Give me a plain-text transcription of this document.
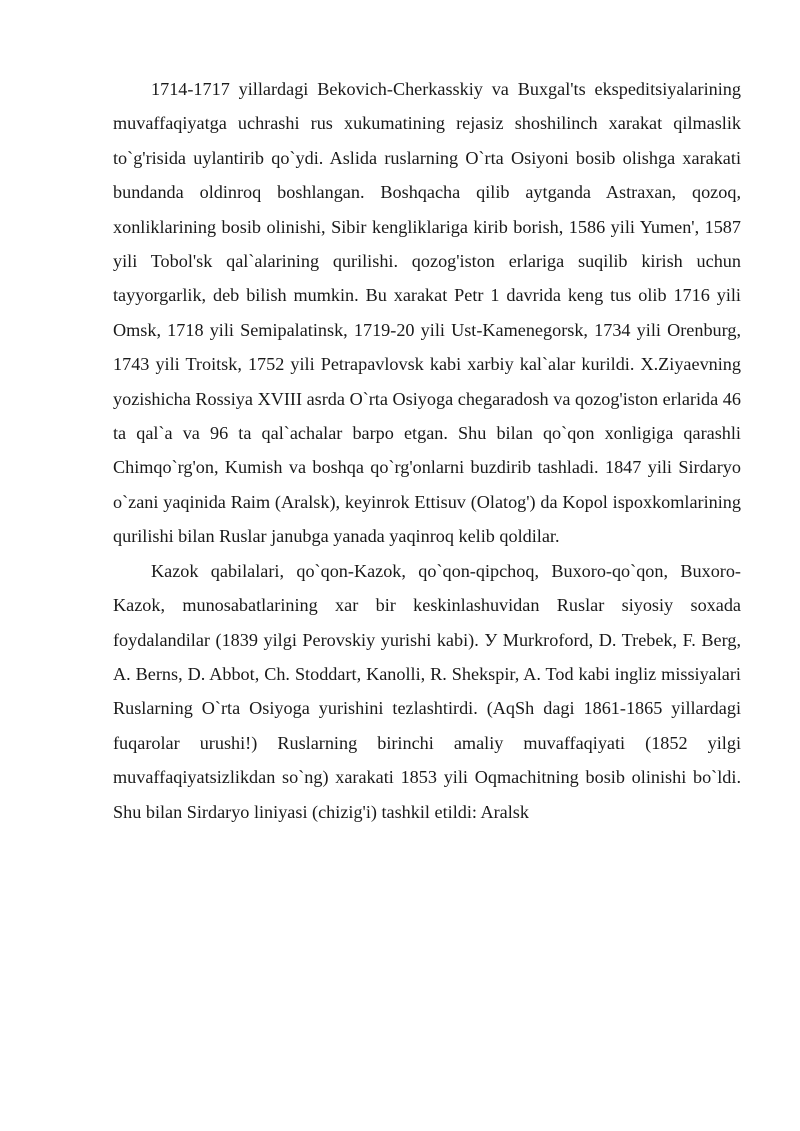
1714-1717 yillardagi Bekovich-Cherkasskiy va Buxgal'ts ekspeditsiyalarining muvaffaqiyatga uchrashi rus xukumatining rejasiz shoshilinch xarakat qilmaslik to`g'risida uylantirib qo`ydi. Aslida ruslarning O`rta Osiyoni bosib olishga xarakati bundanda oldinroq boshlangan. Boshqacha qilib aytganda Astraxan, qozoq, xonliklarining bosib olinishi, Sibir kengliklariga kirib borish, 1586 yili Yumen', 1587 yili Tobol'sk qal`alarining qurilishi. qozog'iston erlariga suqilib kirish uchun tayyorgarlik, deb bilish mumkin. Bu xarakat Petr 1 davrida keng tus olib 1716 yili Omsk, 1718 yili Semipalatinsk, 1719-20 yili Ust-Kamenegorsk, 1734 yili Orenburg, 1743 yili Troitsk, 1752 yili Petrapavlovsk kabi xarbiy kal`alar kurildi. X.Ziyaevning yozishicha Rossiya XVIII asrda O`rta Osiyoga chegaradosh va qozog'iston erlarida 46 ta qal`a va 96 ta qal`achalar barpo etgan. Shu bilan qo`qon xonligiga qarashli Chimqo`rg'on, Kumish va boshqa qo`rg'onlarni buzdirib tashladi. 1847 yili Sirdaryo o`zani yaqinida Raim (Aralsk), keyinrok Ettisuv (Olatog') da Kopol ispoxkomlarining qurilishi bilan Ruslar janubga yanada yaqinroq kelib qoldilar.

Kazok qabilalari, qo`qon-Kazok, qo`qon-qipchoq, Buxoro-qo`qon, Buxoro-Kazok, munosabatlarining xar bir keskinlashuvidan Ruslar siyosiy soxada foydalandilar (1839 yilgi Perovskiy yurishi kabi). У Murkroford, D. Trebek, F. Berg, A. Berns, D. Abbot, Ch. Stoddart, Kanolli, R. Shekspir, A. Tod kabi ingliz missiyalari Ruslarning O`rta Osiyoga yurishini tezlashtirdi. (AqSh dagi 1861-1865 yillardagi fuqarolar urushi!) Ruslarning birinchi amaliy muvaffaqiyati (1852 yilgi muvaffaqiyatsizlikdan so`ng) xarakati 1853 yili Oqmachitning bosib olinishi bo`ldi. Shu bilan Sirdaryo liniyasi (chizig'i) tashkil etildi: Aralsk
